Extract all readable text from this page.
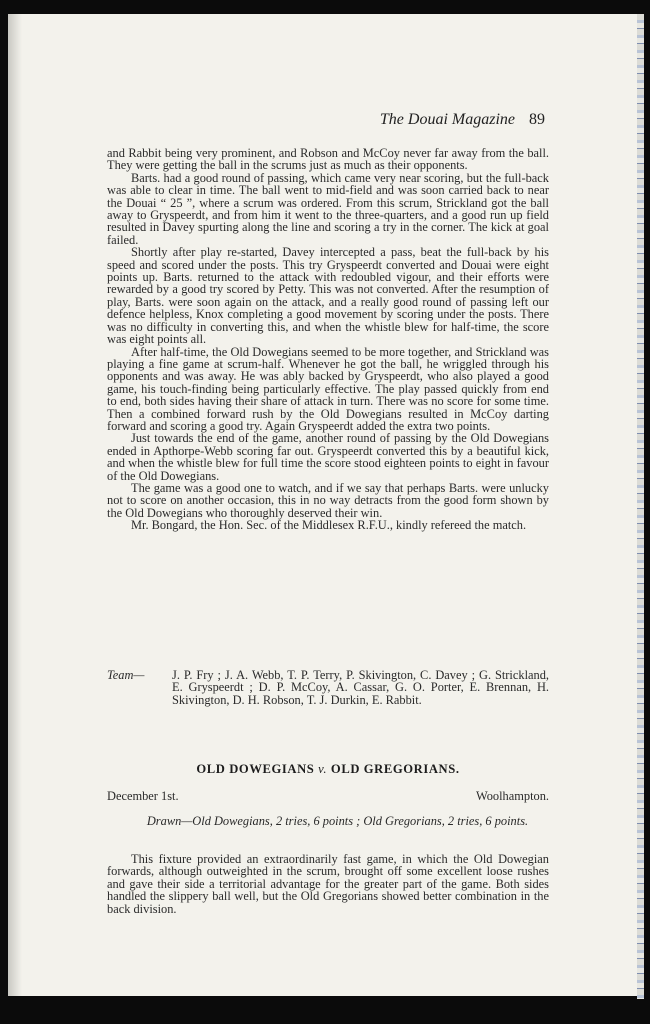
The Douai Magazine 89

and Rabbit being very prominent, and Robson and McCoy never far away from the ball. They were getting the ball in the scrums just as much as their opponents.

Barts. had a good round of passing, which came very near scoring, but the full-back was able to clear in time. The ball went to mid-field and was soon carried back to near the Douai “ 25 ”, where a scrum was ordered. From this scrum, Strickland got the ball away to Gryspeerdt, and from him it went to the three-quarters, and a good run up field resulted in Davey spurting along the line and scoring a try in the corner. The kick at goal failed.

Shortly after play re-started, Davey intercepted a pass, beat the full-back by his speed and scored under the posts. This try Gryspeerdt converted and Douai were eight points up. Barts. returned to the attack with redoubled vigour, and their efforts were rewarded by a good try scored by Petty. This was not converted. After the resumption of play, Barts. were soon again on the attack, and a really good round of passing left our defence helpless, Knox completing a good movement by scoring under the posts. There was no difficulty in converting this, and when the whistle blew for half-time, the score was eight points all.

After half-time, the Old Dowegians seemed to be more together, and Strickland was playing a fine game at scrum-half. Whenever he got the ball, he wriggled through his opponents and was away. He was ably backed by Gryspeerdt, who also played a good game, his touch-finding being particularly effective. The play passed quickly from end to end, both sides having their share of attack in turn. There was no score for some time. Then a combined forward rush by the Old Dowegians resulted in McCoy darting forward and scoring a good try. Again Gryspeerdt added the extra two points.

Just towards the end of the game, another round of passing by the Old Dowegians ended in Apthorpe-Webb scoring far out. Gryspeerdt converted this by a beautiful kick, and when the whistle blew for full time the score stood eighteen points to eight in favour of the Old Dowegians.

The game was a good one to watch, and if we say that perhaps Barts. were unlucky not to score on another occasion, this in no way detracts from the good form shown by the Old Dowegians who thoroughly deserved their win.

Mr. Bongard, the Hon. Sec. of the Middlesex R.F.U., kindly refereed the match.

Team— J. P. Fry ; J. A. Webb, T. P. Terry, P. Skivington, C. Davey ; G. Strickland, E. Gryspeerdt ; D. P. McCoy, A. Cassar, G. O. Porter, E. Brennan, H. Skivington, D. H. Robson, T. J. Durkin, E. Rabbit.
OLD DOWEGIANS v. OLD GREGORIANS.
December 1st.	Woolhampton.
Drawn—Old Dowegians, 2 tries, 6 points ; Old Gregorians, 2 tries, 6 points.

This fixture provided an extraordinarily fast game, in which the Old Dowegian forwards, although outweighted in the scrum, brought off some excellent loose rushes and gave their side a territorial advantage for the greater part of the game. Both sides handled the slippery ball well, but the Old Gregorians showed better combination in the back division.
